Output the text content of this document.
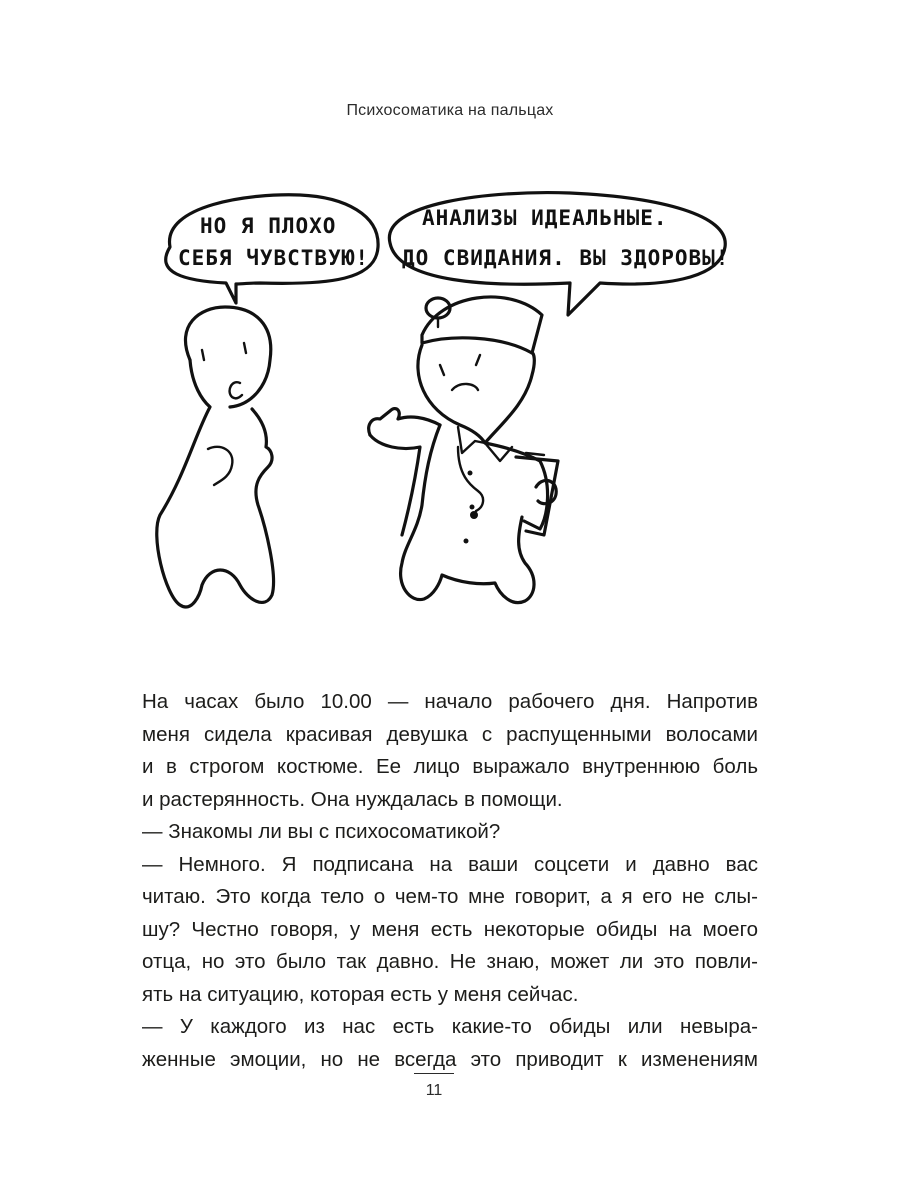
Психосоматика на пальцах
НО Я ПЛОХО
СЕБЯ ЧУВСТВУЮ!
АНАЛИЗЫ ИДЕАЛЬНЫЕ.
ДО СВИДАНИЯ. ВЫ ЗДОРОВЫ!

На часах было 10.00 — начало рабочего дня. Напротив

меня сидела красивая девушка с распущенными волосами

и в строгом костюме. Ее лицо выражало внутреннюю боль

и растерянность. Она нуждалась в помощи.

— Знакомы ли вы с психосоматикой?

— Немного. Я подписана на ваши соцсети и давно вас

читаю. Это когда тело о чем-то мне говорит, а я его не слы-

шу? Честно говоря, у меня есть некоторые обиды на моего

отца, но это было так давно. Не знаю, может ли это повли-

ять на ситуацию, которая есть у меня сейчас.

— У каждого из нас есть какие-то обиды или невыра-

женные эмоции, но не всегда это приводит к изменениям

11
